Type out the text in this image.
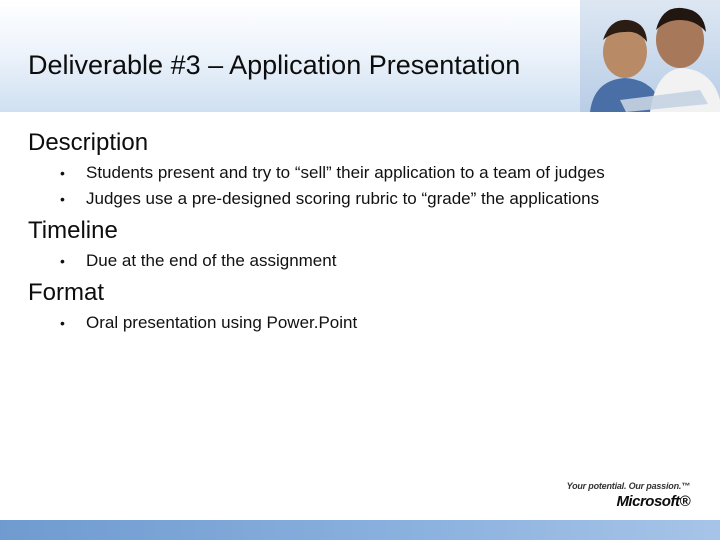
Deliverable #3 – Application Presentation
Description
• Students present and try to “sell” their application to a team of judges
• Judges use a pre-designed scoring rubric to “grade” the applications
Timeline
• Due at the end of the assignment
Format
• Oral presentation using Power.Point
Your potential. Our passion.™
Microsoft®
